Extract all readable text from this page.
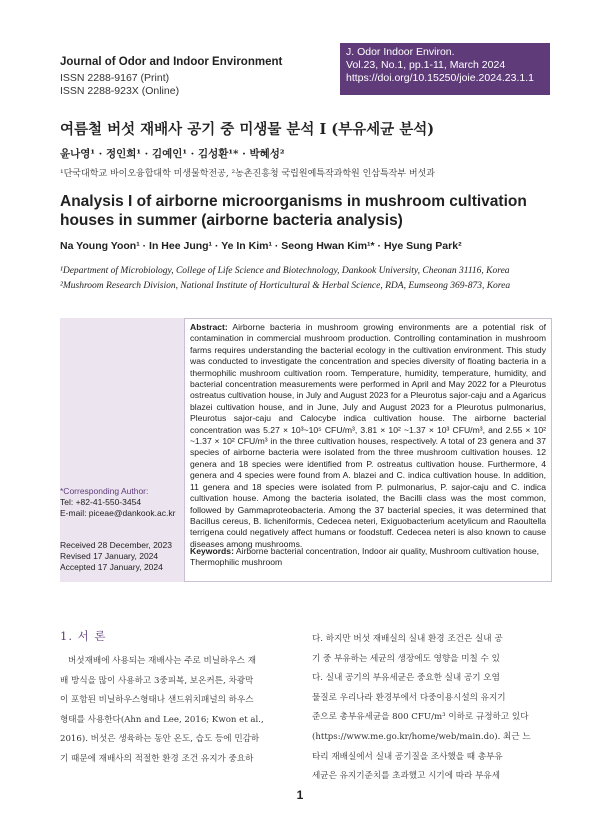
Journal of Odor and Indoor Environment
ISSN 2288-9167 (Print)
ISSN 2288-923X (Online)
J. Odor Indoor Environ.
Vol.23, No.1, pp.1-11, March 2024
https://doi.org/10.15250/joie.2024.23.1.1
여름철 버섯 재배사 공기 중 미생물 분석 I (부유세균 분석)
윤나영¹ · 정인희¹ · 김예인¹ · 김성환¹* · 박혜성²
¹단국대학교 바이오융합대학 미생물학전공, ²농촌진흥청 국립원예특작과학원 인삼특작부 버섯과
Analysis I of airborne microorganisms in mushroom cultivation houses in summer (airborne bacteria analysis)
Na Young Yoon¹ · In Hee Jung¹ · Ye In Kim¹ · Seong Hwan Kim¹* · Hye Sung Park²
¹Department of Microbiology, College of Life Science and Biotechnology, Dankook University, Cheonan 31116, Korea
²Mushroom Research Division, National Institute of Horticultural & Herbal Science, RDA, Eumseong 369-873, Korea
Abstract: Airborne bacteria in mushroom growing environments are a potential risk of contamination in commercial mushroom production. Controlling contamination in mushroom farms requires understanding the bacterial ecology in the cultivation environment. This study was conducted to investigate the concentration and species diversity of floating bacteria in a thermophilic mushroom cultivation room. Temperature, humidity, temperature, humidity, and bacterial concentration measurements were performed in April and May 2022 for a Pleurotus ostreatus cultivation house, in July and August 2023 for a Pleurotus sajor-caju and a Agaricus blazei cultivation house, and in June, July and August 2023 for a Pleurotus pulmonarius, Pleurotus sajor-caju and Calocybe indica cultivation house. The airborne bacterial concentration was 5.27 × 10³~10⁵ CFU/m³, 3.81 × 10² ~1.37 × 10³ CFU/m³, and 2.55 × 10² ~1.37 × 10² CFU/m³ in the three cultivation houses, respectively. A total of 23 genera and 37 species of airborne bacteria were isolated from the three mushroom cultivation houses. 12 genera and 18 species were identified from P. ostreatus cultivation house. Furthermore, 4 genera and 4 species were found from A. blazei and C. indica cultivation house. In addition, 11 genera and 18 species were isolated from P. pulmonarius, P. sajor-caju and C. indica cultivation house. Among the bacteria isolated, the Bacilli class was the most common, followed by Gammaproteobacteria. Among the 37 bacterial species, it was determined that Bacillus cereus, B. licheniformis, Cedecea neteri, Exiguobacterium acetylicum and Raoultella terrigena could negatively affect humans or foodstuff. Cedecea neteri is also known to cause diseases among mushrooms.
Keywords: Airborne bacterial concentration, Indoor air quality, Mushroom cultivation house, Thermophilic mushroom
*Corresponding Author:
Tel: +82-41-550-3454
E-mail: piceae@dankook.ac.kr
Received 28 December, 2023
Revised 17 January, 2024
Accepted 17 January, 2024
1. 서 론
버섯재배에 사용되는 재배사는 주로 비닐하우스 재
배 방식을 많이 사용하고 3중피복, 보온커튼, 차광막
이 포함된 비닐하우스형태나 샌드위치패널의 하우스
형태를 사용한다(Ahn and Lee, 2016; Kwon et al.,
2016). 버섯은 생육하는 동안 온도, 습도 등에 민감하
기 때문에 재배사의 적절한 환경 조건 유지가 중요하
다. 하지만 버섯 재배실의 실내 환경 조건은 실내 공
기 중 부유하는 세균의 생장에도 영향을 미칠 수 있
다. 실내 공기의 부유세균은 중요한 실내 공기 오염
물질로 우리나라 환경부에서 다중이용시설의 유지기
준으로 총부유세균을 800 CFU/m³ 이하로 규정하고 있다
(https://www.me.go.kr/home/web/main.do). 최근 느
타리 재배실에서 실내 공기질을 조사했을 때 총부유
세균은 유지기준치를 초과했고 시기에 따라 부유세
1
